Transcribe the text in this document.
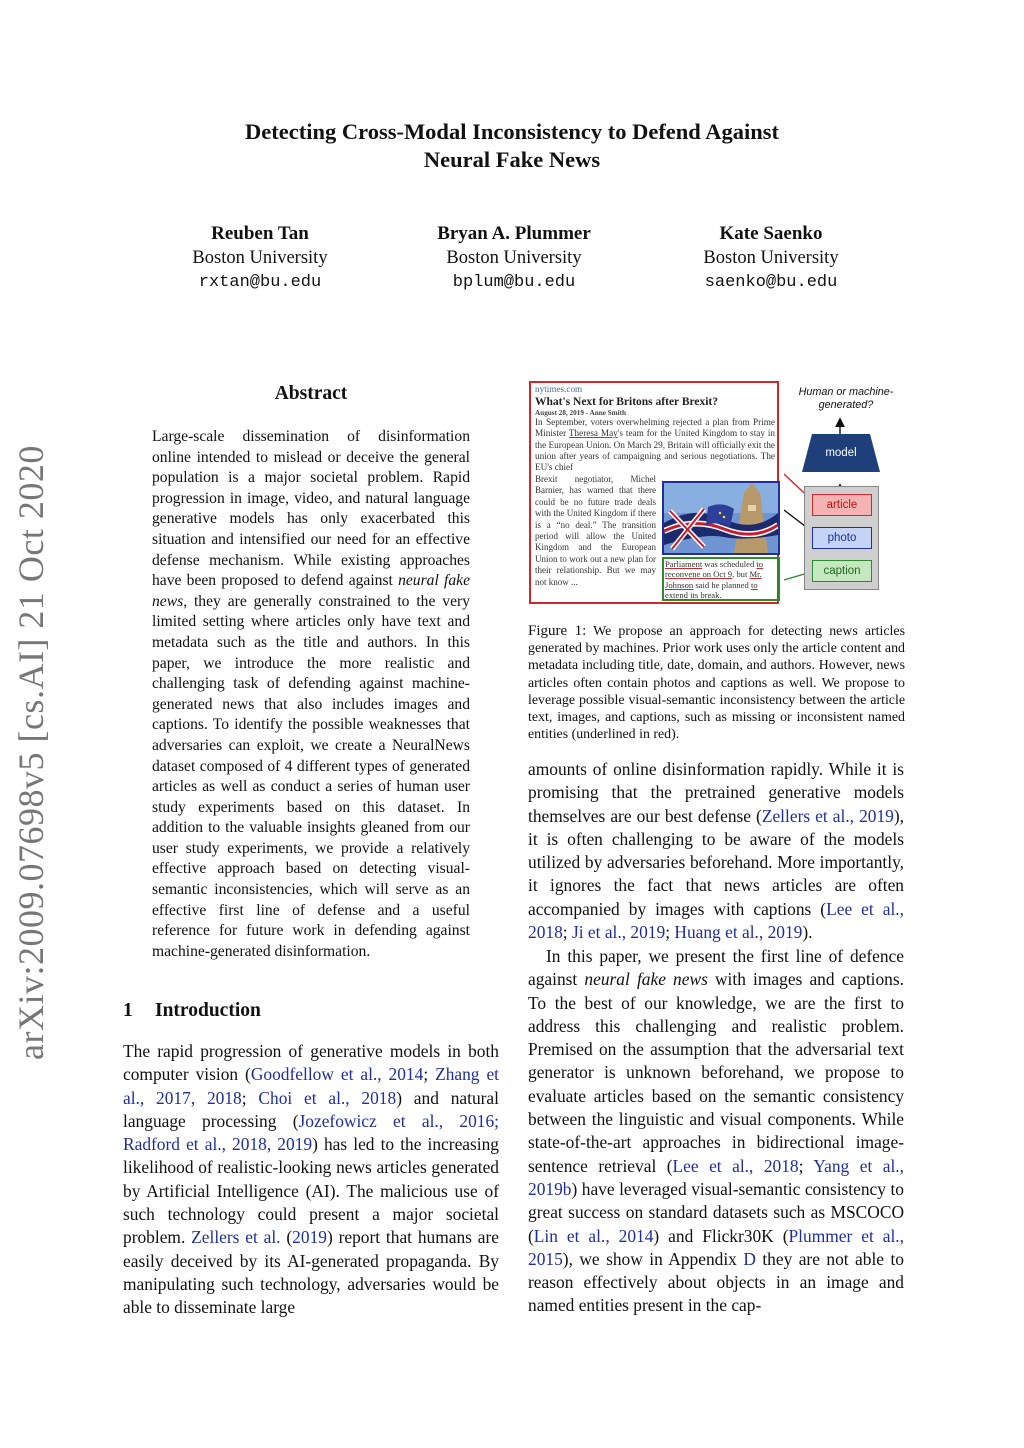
Detecting Cross-Modal Inconsistency to Defend Against
Neural Fake News
Reuben Tan
Boston University
rxtan@bu.edu
Bryan A. Plummer
Boston University
bplum@bu.edu
Kate Saenko
Boston University
saenko@bu.edu
arXiv:2009.07698v5 [cs.AI] 21 Oct 2020
Abstract
Large-scale dissemination of disinformation online intended to mislead or deceive the general population is a major societal problem. Rapid progression in image, video, and natural language generative models has only exacerbated this situation and intensified our need for an effective defense mechanism. While existing approaches have been proposed to defend against neural fake news, they are generally constrained to the very limited setting where articles only have text and metadata such as the title and authors. In this paper, we introduce the more realistic and challenging task of defending against machine-generated news that also includes images and captions. To identify the possible weaknesses that adversaries can exploit, we create a NeuralNews dataset composed of 4 different types of generated articles as well as conduct a series of human user study experiments based on this dataset. In addition to the valuable insights gleaned from our user study experiments, we provide a relatively effective approach based on detecting visual-semantic inconsistencies, which will serve as an effective first line of defense and a useful reference for future work in defending against machine-generated disinformation.
1 Introduction
The rapid progression of generative models in both computer vision (Goodfellow et al., 2014; Zhang et al., 2017, 2018; Choi et al., 2018) and natural language processing (Jozefowicz et al., 2016; Radford et al., 2018, 2019) has led to the increasing likelihood of realistic-looking news articles generated by Artificial Intelligence (AI). The malicious use of such technology could present a major societal problem. Zellers et al. (2019) report that humans are easily deceived by its AI-generated propaganda. By manipulating such technology, adversaries would be able to disseminate large
nytimes.com
What's Next for Britons after Brexit?
August 28, 2019 - Anne Smith
In September, voters overwhelming rejected a plan from Prime Minister Theresa May's team for the United Kingdom to stay in the European Union. On March 29, Britain will officially exit the union after years of campaigning and serious negotiations. The EU's chief
Brexit negotiator, Michel Barnier, has warned that there could be no future trade deals with the United Kingdom if there is a “no deal.” The transition period will allow the United Kingdom and the European Union to work out a new plan for their relationship. But we may not know ...
Parliament was scheduled to reconvene on Oct 9, but Mr. Johnson said he planned to extend its break.
Human or machine-generated?
model
article
photo
caption
Figure 1: We propose an approach for detecting news articles generated by machines. Prior work uses only the article content and metadata including title, date, domain, and authors. However, news articles often contain photos and captions as well. We propose to leverage possible visual-semantic inconsistency between the article text, images, and captions, such as missing or inconsistent named entities (underlined in red).
amounts of online disinformation rapidly. While it is promising that the pretrained generative models themselves are our best defense (Zellers et al., 2019), it is often challenging to be aware of the models utilized by adversaries beforehand. More importantly, it ignores the fact that news articles are often accompanied by images with captions (Lee et al., 2018; Ji et al., 2019; Huang et al., 2019).
In this paper, we present the first line of defence against neural fake news with images and captions. To the best of our knowledge, we are the first to address this challenging and realistic problem. Premised on the assumption that the adversarial text generator is unknown beforehand, we propose to evaluate articles based on the semantic consistency between the linguistic and visual components. While state-of-the-art approaches in bidirectional image-sentence retrieval (Lee et al., 2018; Yang et al., 2019b) have leveraged visual-semantic consistency to great success on standard datasets such as MSCOCO (Lin et al., 2014) and Flickr30K (Plummer et al., 2015), we show in Appendix D they are not able to reason effectively about objects in an image and named entities present in the cap-
